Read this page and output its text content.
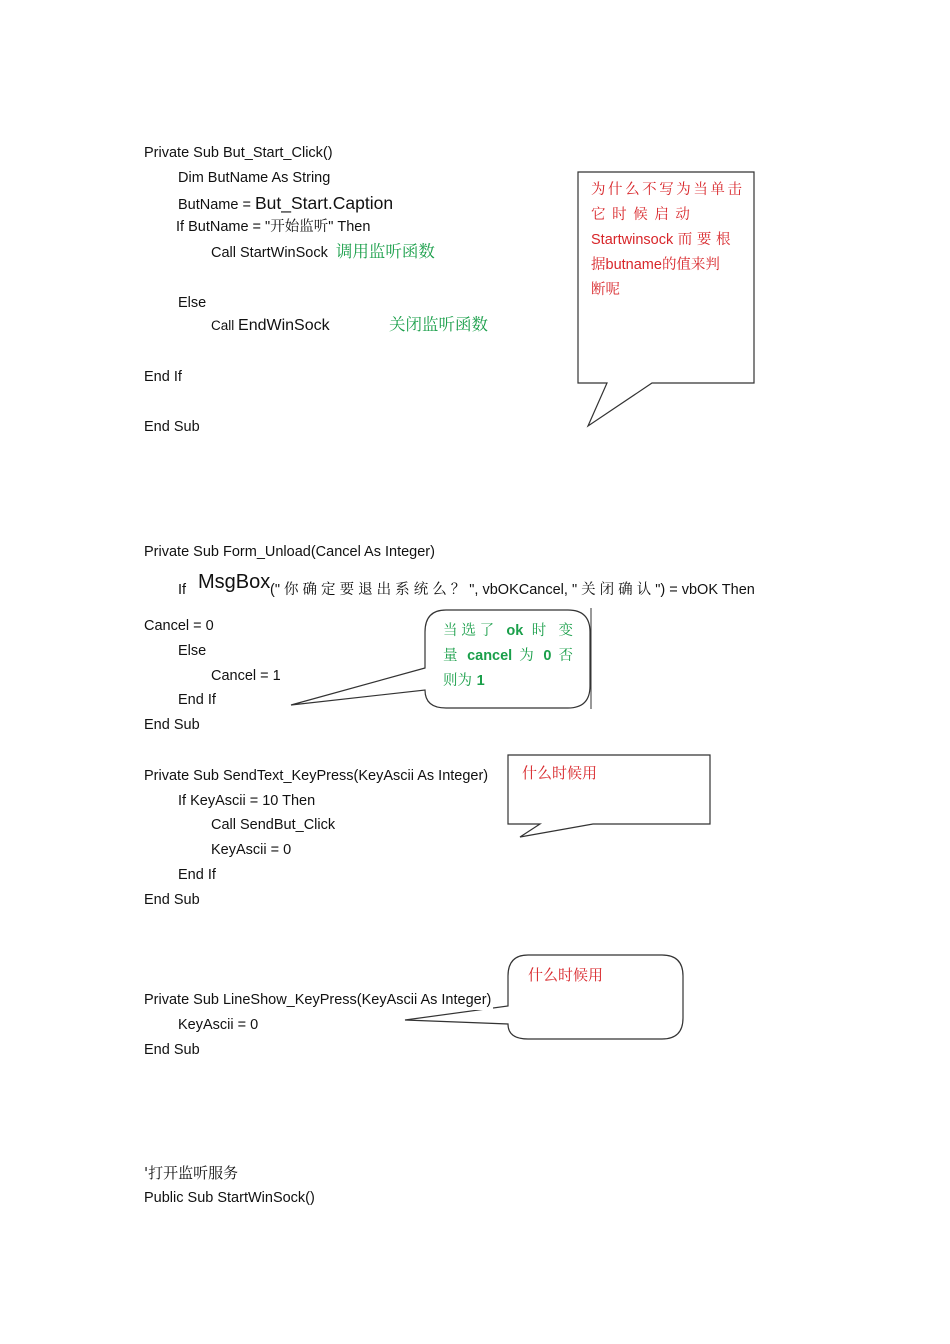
Private Sub But_Start_Click()
Dim ButName As String
ButName = But_Start.Caption
If ButName = "开始监听" Then
Call StartWinSock 调用监听函数
Else
Call EndWinSock	关闭监听函数
End If
End Sub
为什么不写为当单击
它 时 候 启 动
Startwinsock 而 要 根
据butname的值来判
断呢
Private Sub Form_Unload(Cancel As Integer)
If MsgBox (" 你 确 定 要 退 出 系 统 么 ？ ", vbOKCancel, " 关 闭 确 认 ") = vbOK Then
Cancel = 0
Else
Cancel = 1
End If
End Sub
当选了 ok 时 变
量 cancel 为 0 否
则为 1
Private Sub SendText_KeyPress(KeyAscii As Integer)
If KeyAscii = 10 Then
Call SendBut_Click
KeyAscii = 0
End If
End Sub
什么时候用
Private Sub LineShow_KeyPress(KeyAscii As Integer)
KeyAscii = 0
End Sub
什么时候用
'打开监听服务
Public Sub StartWinSock()
